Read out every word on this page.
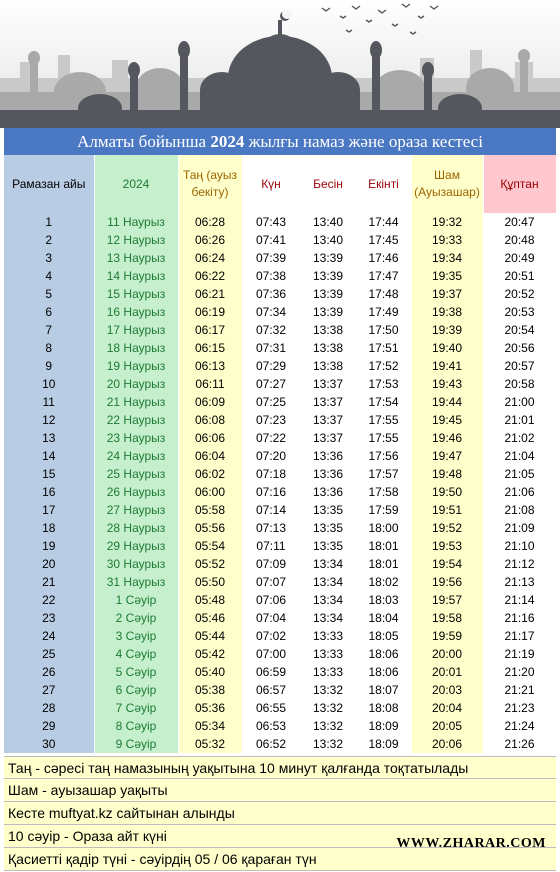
Алматы бойынша 2024 жылғы намаз және ораза кестесі
Рамазан айы	2024	Таң (ауыз бекіту)	Күн	Бесін	Екінті	Шам (Ауызашар)	Құптан
1	11 Наурыз	06:28	07:43	13:40	17:44	19:32	20:47
2	12 Наурыз	06:26	07:41	13:40	17:45	19:33	20:48
3	13 Наурыз	06:24	07:39	13:39	17:46	19:34	20:49
4	14 Наурыз	06:22	07:38	13:39	17:47	19:35	20:51
5	15 Наурыз	06:21	07:36	13:39	17:48	19:37	20:52
6	16 Наурыз	06:19	07:34	13:39	17:49	19:38	20:53
7	17 Наурыз	06:17	07:32	13:38	17:50	19:39	20:54
8	18 Наурыз	06:15	07:31	13:38	17:51	19:40	20:56
9	19 Наурыз	06:13	07:29	13:38	17:52	19:41	20:57
10	20 Наурыз	06:11	07:27	13:37	17:53	19:43	20:58
11	21 Наурыз	06:09	07:25	13:37	17:54	19:44	21:00
12	22 Наурыз	06:08	07:23	13:37	17:55	19:45	21:01
13	23 Наурыз	06:06	07:22	13:37	17:55	19:46	21:02
14	24 Наурыз	06:04	07:20	13:36	17:56	19:47	21:04
15	25 Наурыз	06:02	07:18	13:36	17:57	19:48	21:05
16	26 Наурыз	06:00	07:16	13:36	17:58	19:50	21:06
17	27 Наурыз	05:58	07:14	13:35	17:59	19:51	21:08
18	28 Наурыз	05:56	07:13	13:35	18:00	19:52	21:09
19	29 Наурыз	05:54	07:11	13:35	18:01	19:53	21:10
20	30 Наурыз	05:52	07:09	13:34	18:01	19:54	21:12
21	31 Наурыз	05:50	07:07	13:34	18:02	19:56	21:13
22	1 Сәуір	05:48	07:06	13:34	18:03	19:57	21:14
23	2 Сәуір	05:46	07:04	13:34	18:04	19:58	21:16
24	3 Сәуір	05:44	07:02	13:33	18:05	19:59	21:17
25	4 Сәуір	05:42	07:00	13:33	18:06	20:00	21:19
26	5 Сәуір	05:40	06:59	13:33	18:06	20:01	21:20
27	6 Сәуір	05:38	06:57	13:32	18:07	20:03	21:21
28	7 Сәуір	05:36	06:55	13:32	18:08	20:04	21:23
29	8 Сәуір	05:34	06:53	13:32	18:09	20:05	21:24
30	9 Сәуір	05:32	06:52	13:32	18:09	20:06	21:26
Таң - сәресі таң намазының уақытына 10 минут қалғанда тоқтатылады
Шам - ауызашар уақыты
Кесте muftyat.kz сайтынан алынды
10 сәуір - Ораза айт күні
Қасиетті қадір түні - сәуірдің 05 / 06 қараған түн
WWW.ZHARAR.COM
